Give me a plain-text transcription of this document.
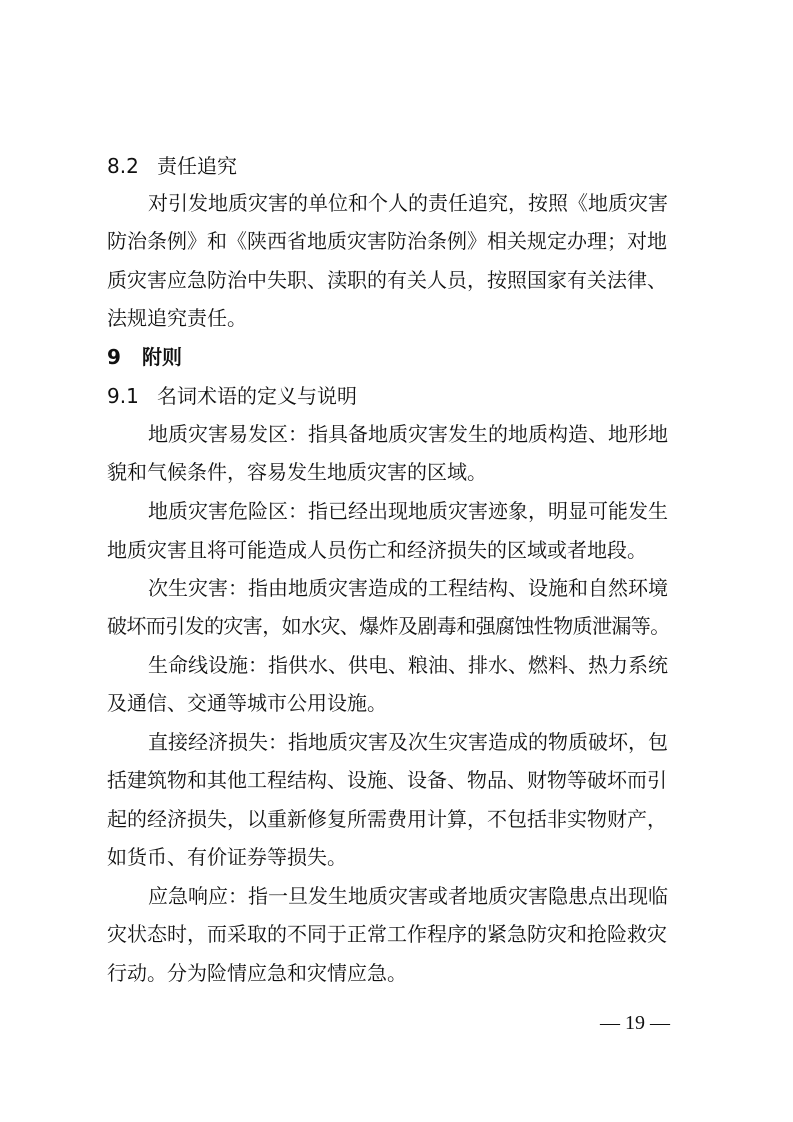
8.2 责任追究
对引发地质灾害的单位和个人的责任追究，按照《地质灾害
防治条例》和《陕西省地质灾害防治条例》相关规定办理；对地
质灾害应急防治中失职、渎职的有关人员，按照国家有关法律、
法规追究责任。
9 附则
9.1 名词术语的定义与说明
地质灾害易发区：指具备地质灾害发生的地质构造、地形地
貌和气候条件，容易发生地质灾害的区域。
地质灾害危险区：指已经出现地质灾害迹象，明显可能发生
地质灾害且将可能造成人员伤亡和经济损失的区域或者地段。
次生灾害：指由地质灾害造成的工程结构、设施和自然环境
破坏而引发的灾害，如水灾、爆炸及剧毒和强腐蚀性物质泄漏等。
生命线设施：指供水、供电、粮油、排水、燃料、热力系统
及通信、交通等城市公用设施。
直接经济损失：指地质灾害及次生灾害造成的物质破坏，包
括建筑物和其他工程结构、设施、设备、物品、财物等破坏而引
起的经济损失，以重新修复所需费用计算，不包括非实物财产，
如货币、有价证券等损失。
应急响应：指一旦发生地质灾害或者地质灾害隐患点出现临
灾状态时，而采取的不同于正常工作程序的紧急防灾和抢险救灾
行动。分为险情应急和灾情应急。
— 19 —
